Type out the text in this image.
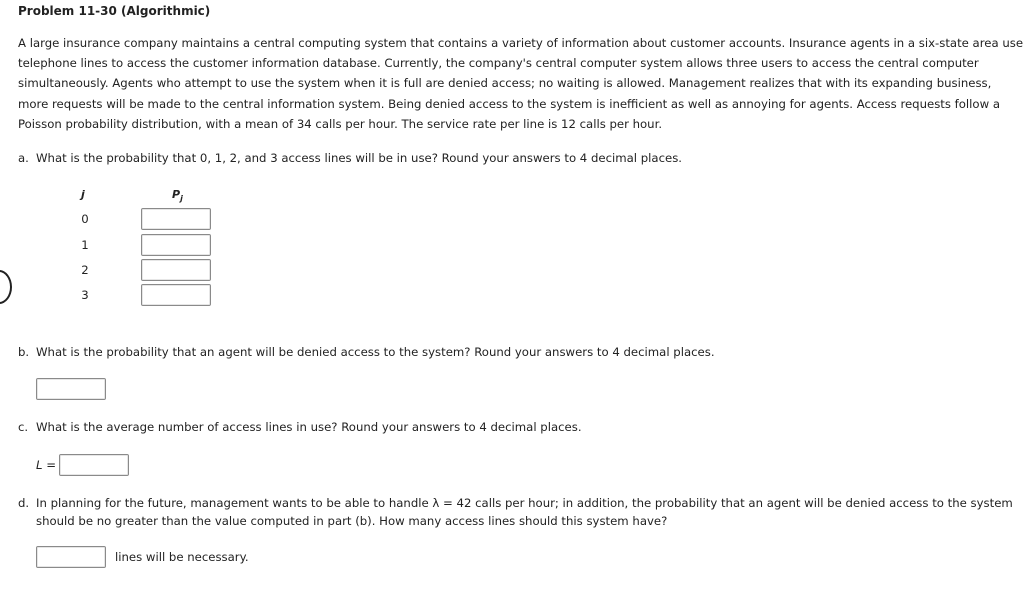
Problem 11-30 (Algorithmic)

A large insurance company maintains a central computing system that contains a variety of information about customer accounts. Insurance agents in a six-state area use

telephone lines to access the customer information database. Currently, the company's central computer system allows three users to access the central computer

simultaneously. Agents who attempt to use the system when it is full are denied access; no waiting is allowed. Management realizes that with its expanding business,

more requests will be made to the central information system. Being denied access to the system is inefficient as well as annoying for agents. Access requests follow a

Poisson probability distribution, with a mean of 34 calls per hour. The service rate per line is 12 calls per hour.

a. What is the probability that 0, 1, 2, and 3 access lines will be in use? Round your answers to 4 decimal places.
j	$P_j$
0
1
2
3
b. What is the probability that an agent will be denied access to the system? Round your answers to 4 decimal places.
c. What is the average number of access lines in use? Round your answers to 4 decimal places.
L =

d. In planning for the future, management wants to be able to handle λ = 42 calls per hour; in addition, the probability that an agent will be denied access to the system

should be no greater than the value computed in part (b). How many access lines should this system have?

lines will be necessary.
